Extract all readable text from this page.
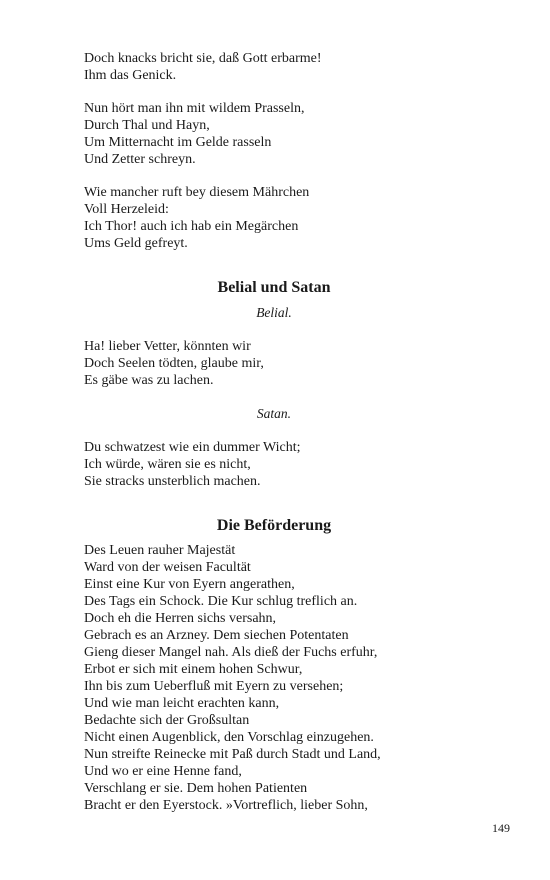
Doch knacks bricht sie, daß Gott erbarme!
Ihm das Genick.
Nun hört man ihn mit wildem Prasseln,
Durch Thal und Hayn,
Um Mitternacht im Gelde rasseln
Und Zetter schreyn.
Wie mancher ruft bey diesem Mährchen
Voll Herzeleid:
Ich Thor! auch ich hab ein Megärchen
Ums Geld gefreyt.
Belial und Satan
Belial.
Ha! lieber Vetter, könnten wir
Doch Seelen tödten, glaube mir,
Es gäbe was zu lachen.
Satan.
Du schwatzest wie ein dummer Wicht;
Ich würde, wären sie es nicht,
Sie stracks unsterblich machen.
Die Beförderung
Des Leuen rauher Majestät
Ward von der weisen Facultät
Einst eine Kur von Eyern angerathen,
Des Tags ein Schock. Die Kur schlug treflich an.
Doch eh die Herren sichs versahn,
Gebrach es an Arzney. Dem siechen Potentaten
Gieng dieser Mangel nah. Als dieß der Fuchs erfuhr,
Erbot er sich mit einem hohen Schwur,
Ihn bis zum Ueberfluß mit Eyern zu versehen;
Und wie man leicht erachten kann,
Bedachte sich der Großsultan
Nicht einen Augenblick, den Vorschlag einzugehen.
Nun streifte Reinecke mit Paß durch Stadt und Land,
Und wo er eine Henne fand,
Verschlang er sie. Dem hohen Patienten
Bracht er den Eyerstock. »Vortreflich, lieber Sohn,
149
